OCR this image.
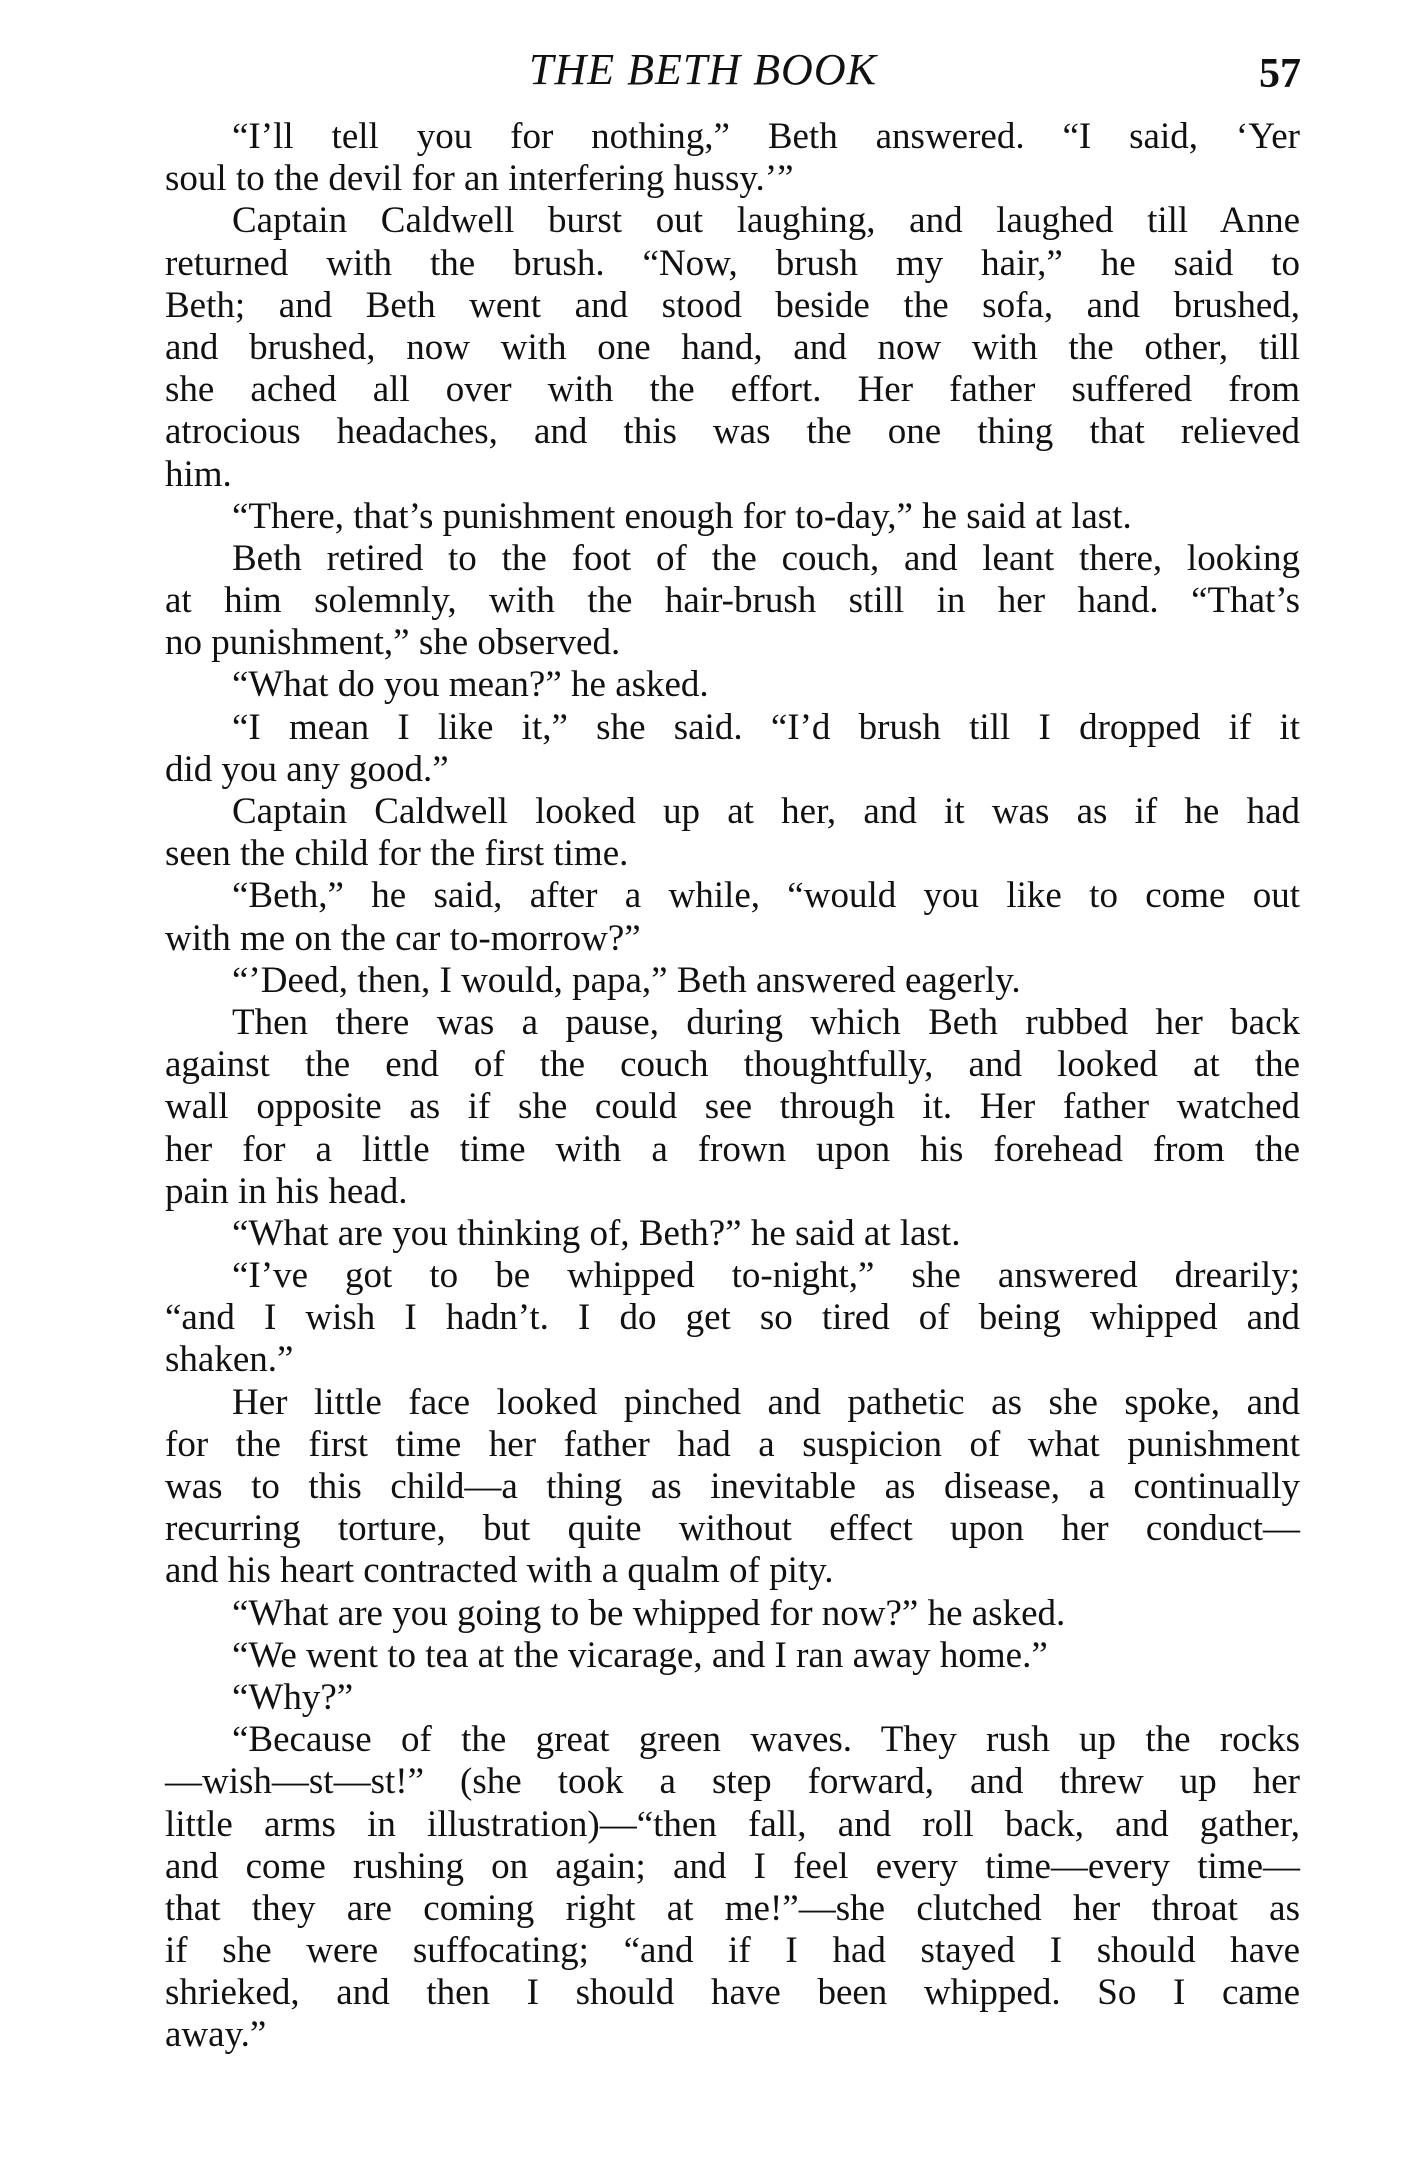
THE BETH BOOK	57
“I’ll tell you for nothing,” Beth answered. “I said, ‘Yer
soul to the devil for an interfering hussy.’”
Captain Caldwell burst out laughing, and laughed till Anne
returned with the brush. “Now, brush my hair,” he said to
Beth; and Beth went and stood beside the sofa, and brushed,
and brushed, now with one hand, and now with the other, till
she ached all over with the effort. Her father suffered from
atrocious headaches, and this was the one thing that relieved
him.
“There, that’s punishment enough for to-day,” he said at last.
Beth retired to the foot of the couch, and leant there, looking
at him solemnly, with the hair-brush still in her hand. “That’s
no punishment,” she observed.
“What do you mean?” he asked.
“I mean I like it,” she said. “I’d brush till I dropped if it
did you any good.”
Captain Caldwell looked up at her, and it was as if he had
seen the child for the first time.
“Beth,” he said, after a while, “would you like to come out
with me on the car to-morrow?”
“’Deed, then, I would, papa,” Beth answered eagerly.
Then there was a pause, during which Beth rubbed her back
against the end of the couch thoughtfully, and looked at the
wall opposite as if she could see through it. Her father watched
her for a little time with a frown upon his forehead from the
pain in his head.
“What are you thinking of, Beth?” he said at last.
“I’ve got to be whipped to-night,” she answered drearily;
“and I wish I hadn’t. I do get so tired of being whipped and
shaken.”
Her little face looked pinched and pathetic as she spoke, and
for the first time her father had a suspicion of what punishment
was to this child—a thing as inevitable as disease, a continually
recurring torture, but quite without effect upon her conduct—
and his heart contracted with a qualm of pity.
“What are you going to be whipped for now?” he asked.
“We went to tea at the vicarage, and I ran away home.”
“Why?”
“Because of the great green waves. They rush up the rocks
—wish—st—st!” (she took a step forward, and threw up her
little arms in illustration)—“then fall, and roll back, and gather,
and come rushing on again; and I feel every time—every time—
that they are coming right at me!”—she clutched her throat as
if she were suffocating; “and if I had stayed I should have
shrieked, and then I should have been whipped. So I came
away.”
